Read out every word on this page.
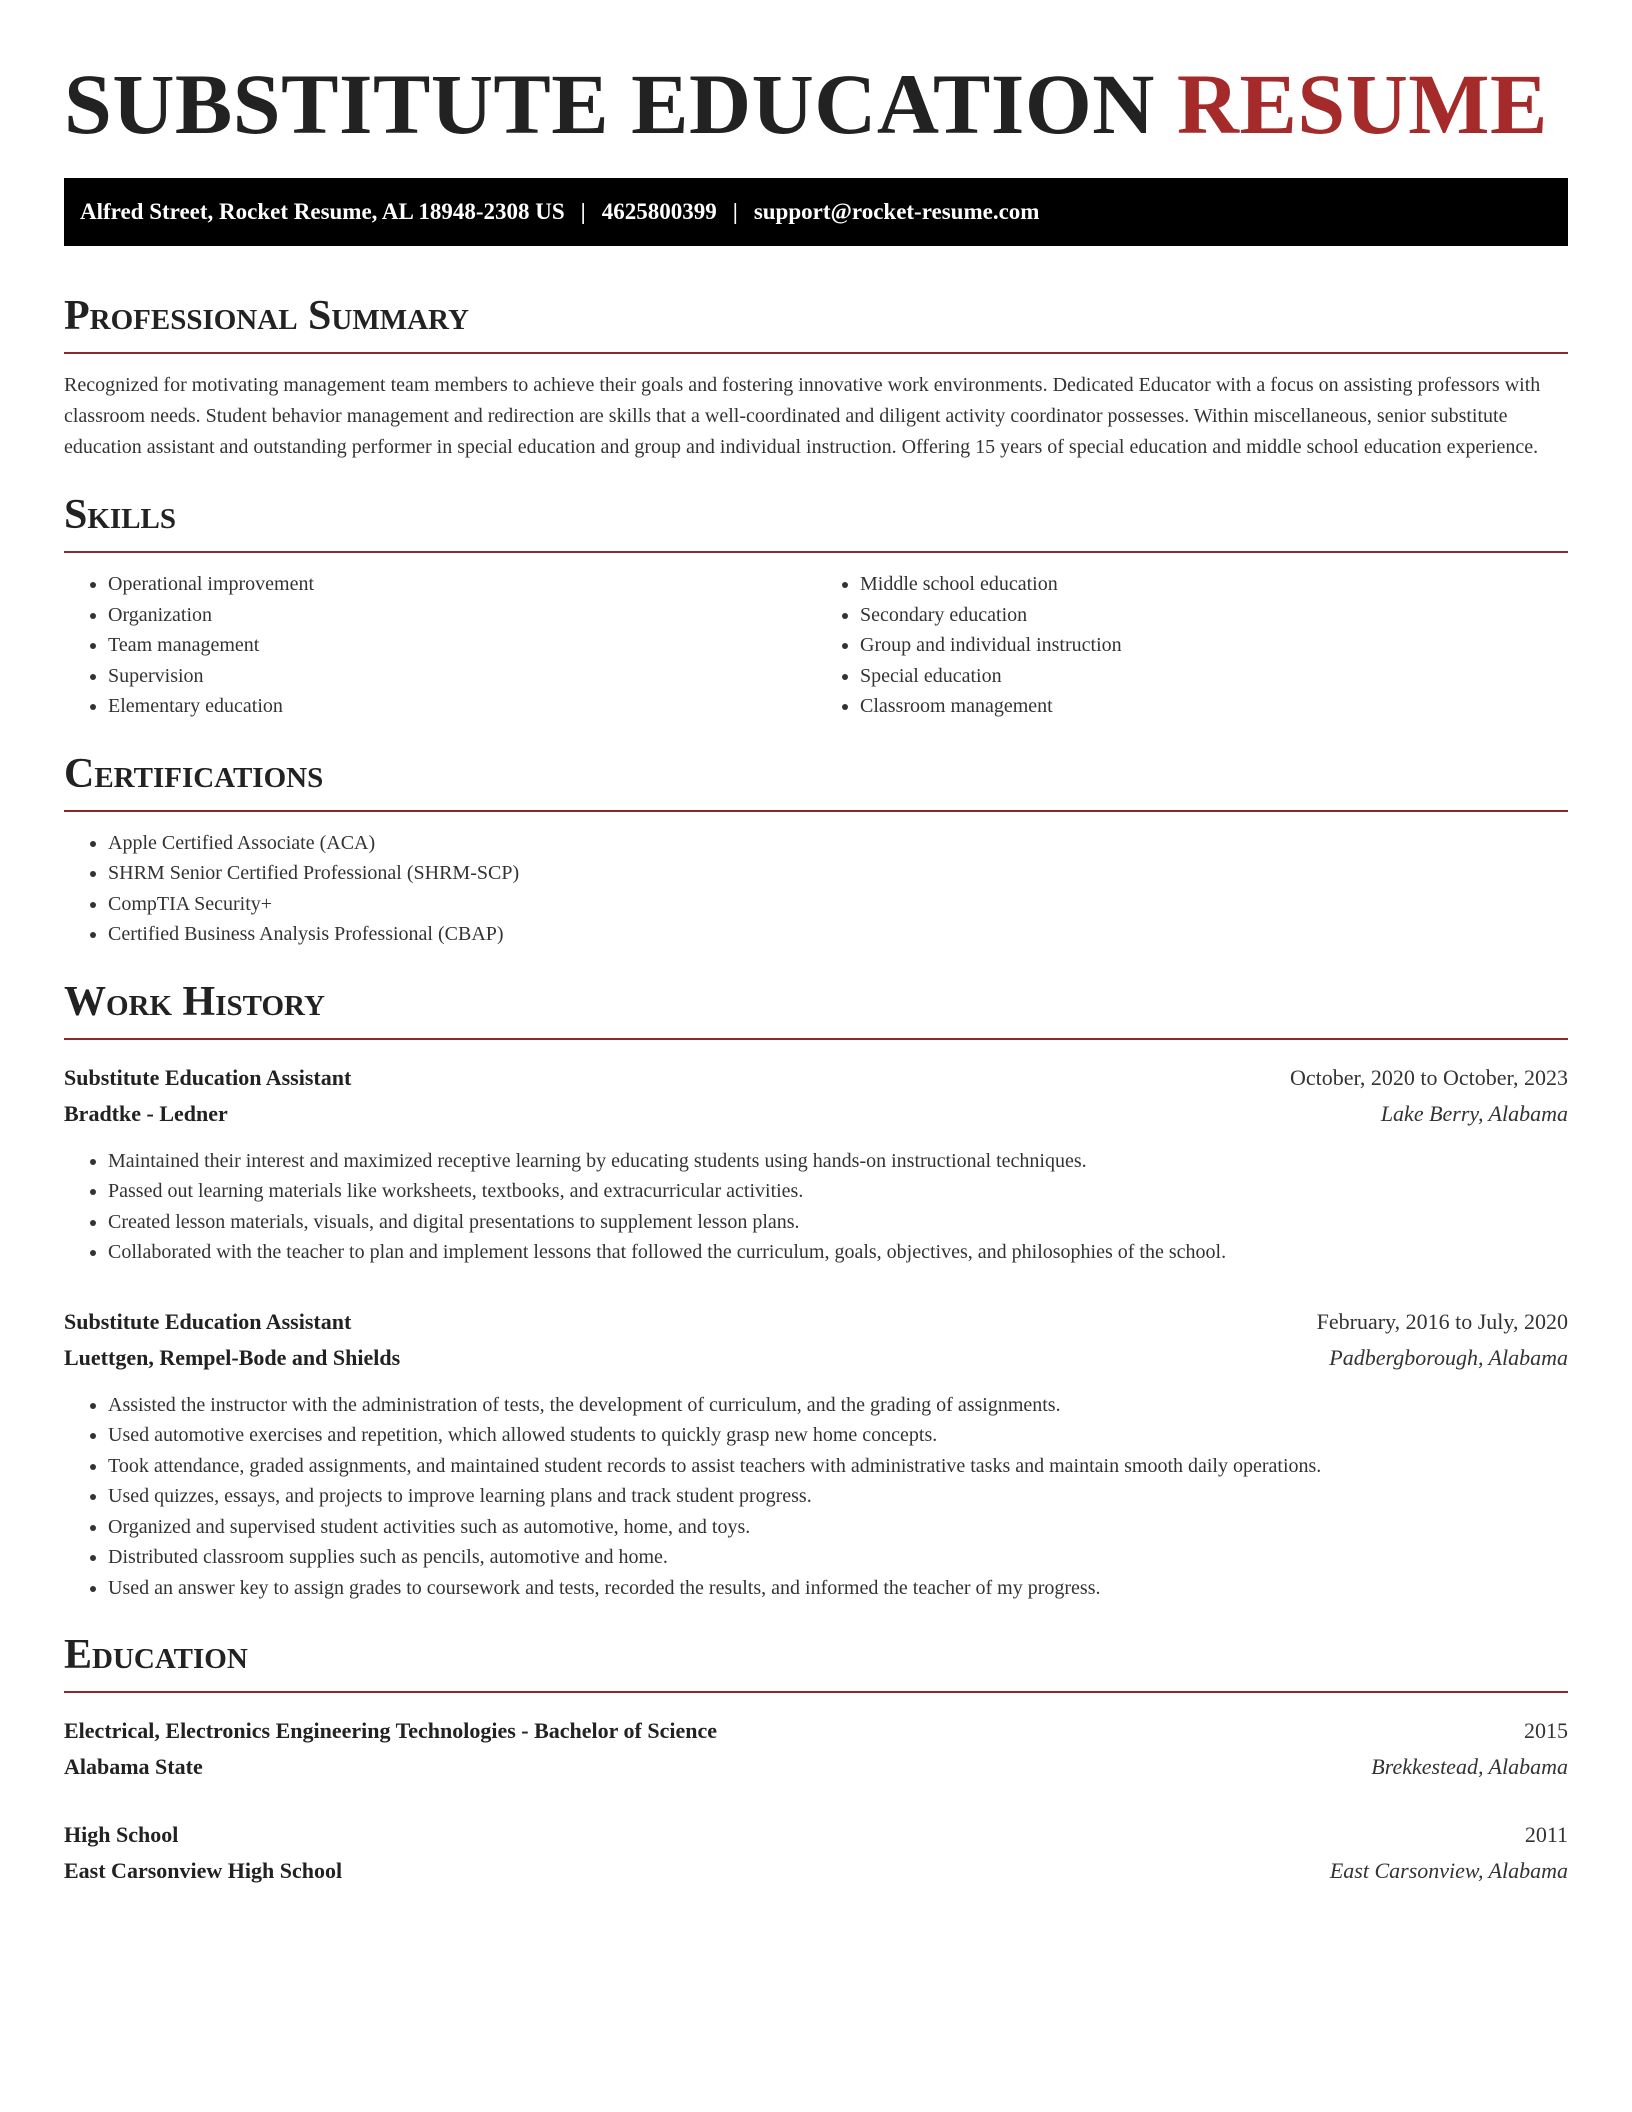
SUBSTITUTE EDUCATION RESUME
Alfred Street, Rocket Resume, AL 18948-2308 US | 4625800399 | support@rocket-resume.com
Professional Summary

Recognized for motivating management team members to achieve their goals and fostering innovative work environments. Dedicated Educator with a focus on assisting professors with classroom needs. Student behavior management and redirection are skills that a well-coordinated and diligent activity coordinator possesses. Within miscellaneous, senior substitute education assistant and outstanding performer in special education and group and individual instruction. Offering 15 years of special education and middle school education experience.

Skills
• Operational improvement
• Organization
• Team management
• Supervision
• Elementary education
• Middle school education
• Secondary education
• Group and individual instruction
• Special education
• Classroom management
Certifications
• Apple Certified Associate (ACA)
• SHRM Senior Certified Professional (SHRM-SCP)
• CompTIA Security+
• Certified Business Analysis Professional (CBAP)
Work History
Substitute Education Assistant	October, 2020 to October, 2023
Bradtke - Ledner	Lake Berry, Alabama
• Maintained their interest and maximized receptive learning by educating students using hands-on instructional techniques.
• Passed out learning materials like worksheets, textbooks, and extracurricular activities.
• Created lesson materials, visuals, and digital presentations to supplement lesson plans.
• Collaborated with the teacher to plan and implement lessons that followed the curriculum, goals, objectives, and philosophies of the school.
Substitute Education Assistant	February, 2016 to July, 2020
Luettgen, Rempel-Bode and Shields	Padbergborough, Alabama
• Assisted the instructor with the administration of tests, the development of curriculum, and the grading of assignments.
• Used automotive exercises and repetition, which allowed students to quickly grasp new home concepts.
• Took attendance, graded assignments, and maintained student records to assist teachers with administrative tasks and maintain smooth daily operations.
• Used quizzes, essays, and projects to improve learning plans and track student progress.
• Organized and supervised student activities such as automotive, home, and toys.
• Distributed classroom supplies such as pencils, automotive and home.
• Used an answer key to assign grades to coursework and tests, recorded the results, and informed the teacher of my progress.
Education
Electrical, Electronics Engineering Technologies - Bachelor of Science	2015
Alabama State	Brekkestead, Alabama
High School	2011
East Carsonview High School	East Carsonview, Alabama
